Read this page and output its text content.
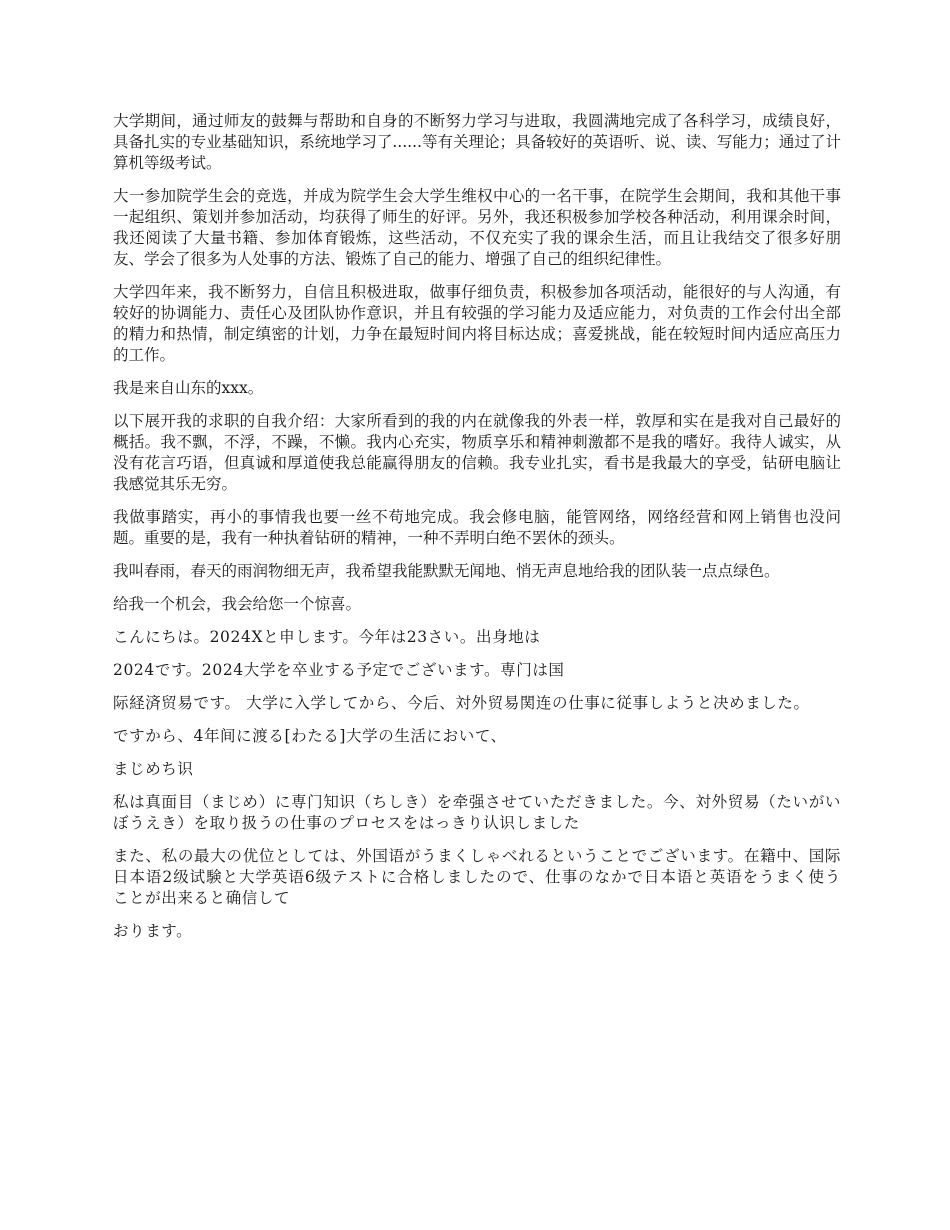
大学期间，通过师友的鼓舞与帮助和自身的不断努力学习与进取，我圆满地完成了各科学习，成绩良好，具备扎实的专业基础知识，系统地学习了......等有关理论；具备较好的英语听、说、读、写能力；通过了计算机等级考试。

大一参加院学生会的竞选，并成为院学生会大学生维权中心的一名干事，在院学生会期间，我和其他干事一起组织、策划并参加活动，均获得了师生的好评。另外，我还积极参加学校各种活动，利用课余时间，我还阅读了大量书籍、参加体育锻炼，这些活动，不仅充实了我的课余生活，而且让我结交了很多好朋友、学会了很多为人处事的方法、锻炼了自己的能力、增强了自己的组织纪律性。

大学四年来，我不断努力，自信且积极进取，做事仔细负责，积极参加各项活动，能很好的与人沟通，有较好的协调能力、责任心及团队协作意识，并且有较强的学习能力及适应能力，对负责的工作会付出全部的精力和热情，制定缜密的计划，力争在最短时间内将目标达成；喜爱挑战，能在较短时间内适应高压力的工作。

我是来自山东的xxx。

以下展开我的求职的自我介绍：大家所看到的我的内在就像我的外表一样，敦厚和实在是我对自己最好的概括。我不飘，不浮，不躁，不懒。我内心充实，物质享乐和精神刺激都不是我的嗜好。我待人诚实，从没有花言巧语，但真诚和厚道使我总能赢得朋友的信赖。我专业扎实，看书是我最大的享受，钻研电脑让我感觉其乐无穷。

我做事踏实，再小的事情我也要一丝不苟地完成。我会修电脑，能管网络，网络经营和网上销售也没问题。重要的是，我有一种执着钻研的精神，一种不弄明白绝不罢休的颈头。

我叫春雨，春天的雨润物细无声，我希望我能默默无闻地、悄无声息地给我的团队装一点点绿色。

给我一个机会，我会给您一个惊喜。

こんにちは。2024Xと申します。今年は23さい。出身地は

2024です。2024大学を卒业する予定でございます。専门は国

际経済贸易です。 大学に入学してから、今后、対外贸易関连の仕事に従事しようと决めました。

ですから、4年间に渡る[わたる]大学の生活において、

まじめち识

私は真面目（まじめ）に専门知识（ちしき）を牵强させていただきました。今、対外贸易（たいがいぼうえき）を取り扱うの仕事のプロセスをはっきり认识しました

また、私の最大の优位としては、外国语がうまくしゃべれるということでございます。在籍中、国际日本语2级试験と大学英语6级テストに合格しましたので、仕事のなかで日本语と英语をうまく使うことが出来ると确信して

おります。
